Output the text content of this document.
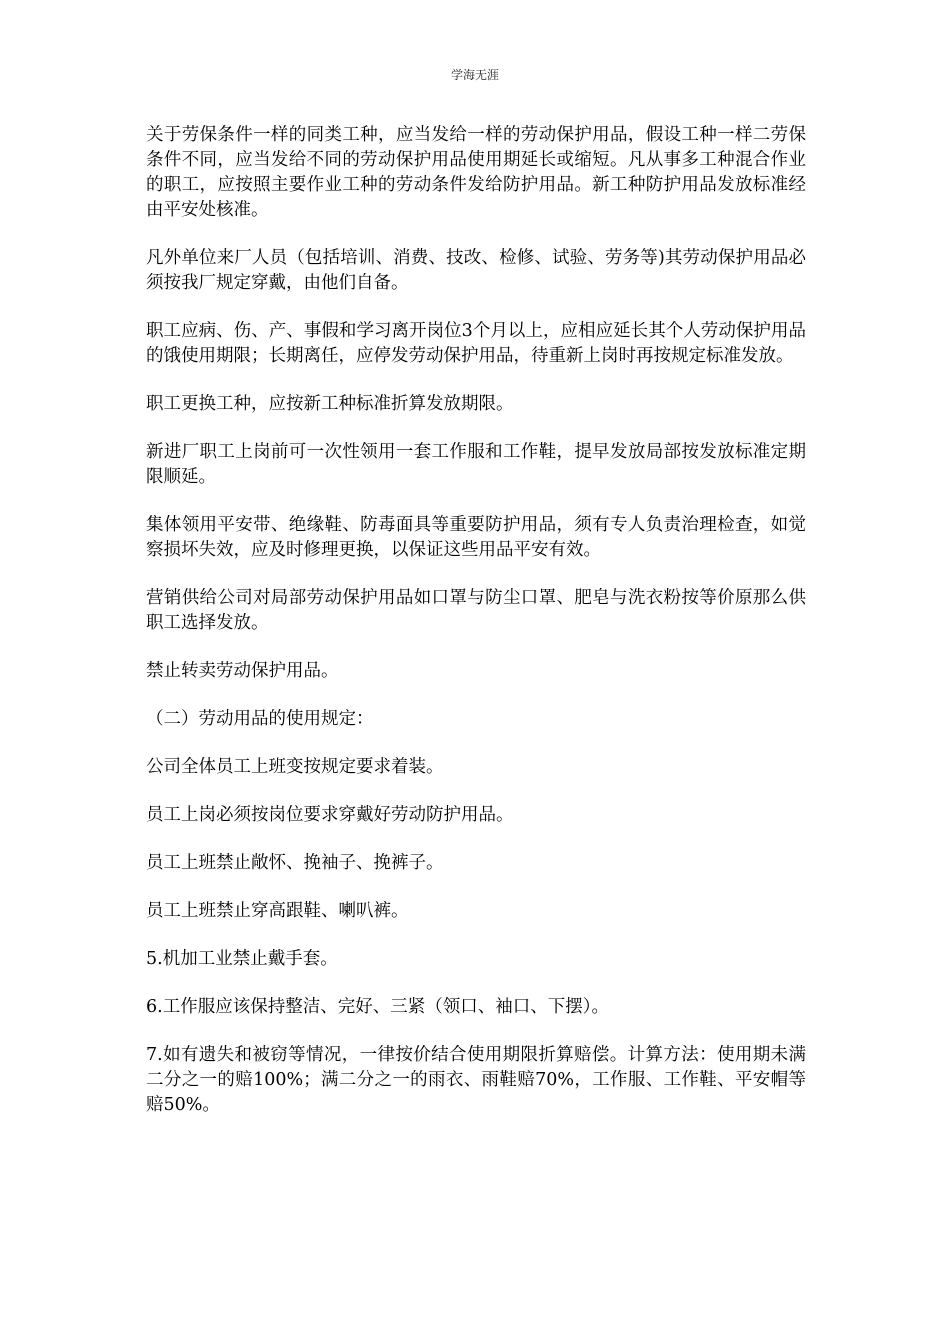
学海无涯

关于劳保条件一样的同类工种，应当发给一样的劳动保护用品，假设工种一样二劳保条件不同，应当发给不同的劳动保护用品使用期延长或缩短。凡从事多工种混合作业的职工，应按照主要作业工种的劳动条件发给防护用品。新工种防护用品发放标准经由平安处核准。

凡外单位来厂人员（包括培训、消费、技改、检修、试验、劳务等)其劳动保护用品必须按我厂规定穿戴，由他们自备。

职工应病、伤、产、事假和学习离开岗位3个月以上，应相应延长其个人劳动保护用品的饿使用期限；长期离任，应停发劳动保护用品，待重新上岗时再按规定标准发放。

职工更换工种，应按新工种标准折算发放期限。

新进厂职工上岗前可一次性领用一套工作服和工作鞋，提早发放局部按发放标准定期限顺延。

集体领用平安带、绝缘鞋、防毒面具等重要防护用品，须有专人负责治理检查，如觉察损坏失效，应及时修理更换，以保证这些用品平安有效。

营销供给公司对局部劳动保护用品如口罩与防尘口罩、肥皂与洗衣粉按等价原那么供职工选择发放。

禁止转卖劳动保护用品。

（二）劳动用品的使用规定：

公司全体员工上班变按规定要求着装。

员工上岗必须按岗位要求穿戴好劳动防护用品。

员工上班禁止敞怀、挽袖子、挽裤子。

员工上班禁止穿高跟鞋、喇叭裤。

5.机加工业禁止戴手套。

6.工作服应该保持整洁、完好、三紧（领口、袖口、下摆）。

7.如有遗失和被窃等情况，一律按价结合使用期限折算赔偿。计算方法：使用期未满二分之一的赔100%；满二分之一的雨衣、雨鞋赔70%，工作服、工作鞋、平安帽等赔50%。
